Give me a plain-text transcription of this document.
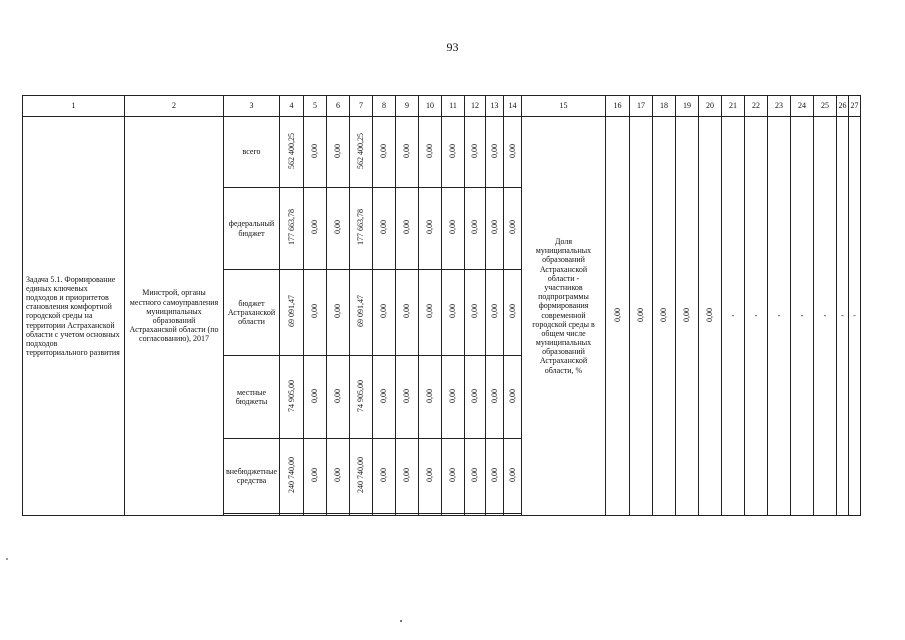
93
1	2	3	4	5	6	7	8	9	10	11	12	13	14	15	16	17	18	19	20	21	22	23	24	25	26	27
Задача 5.1. Формирование единых ключевых подходов и приоритетов становления комфортной городской среды на территории Астраханской области с учетом основных подходов территориального развития	Минстрой, органы местного самоуправления муниципальных образований Астраханской области (по согласованию), 2017	всего	562 400,25	0,00	0,00	562 400,25	0,00	0,00	0,00	0,00	0,00	0,00	0,00	Доля муниципальных образований Астраханской области - участников подпрограммы формирования современной городской среды в общем числе муниципальных образований Астраханской области, %	0,00	0,00	0,00	0,00	0,00	-	-	-	-	-	-	-
		федеральный бюджет	177 663,78	0,00	0,00	177 663,78	0,00	0,00	0,00	0,00	0,00	0,00	0,00													
		бюджет Астраханской области	69 091,47	0,00	0,00	69 091,47	0,00	0,00	0,00	0,00	0,00	0,00	0,00													
		местные бюджеты	74 905,00	0,00	0,00	74 905,00	0,00	0,00	0,00	0,00	0,00	0,00	0,00													
		внебюджетные средства	240 740,00	0,00	0,00	240 740,00	0,00	0,00	0,00	0,00	0,00	0,00	0,00													
